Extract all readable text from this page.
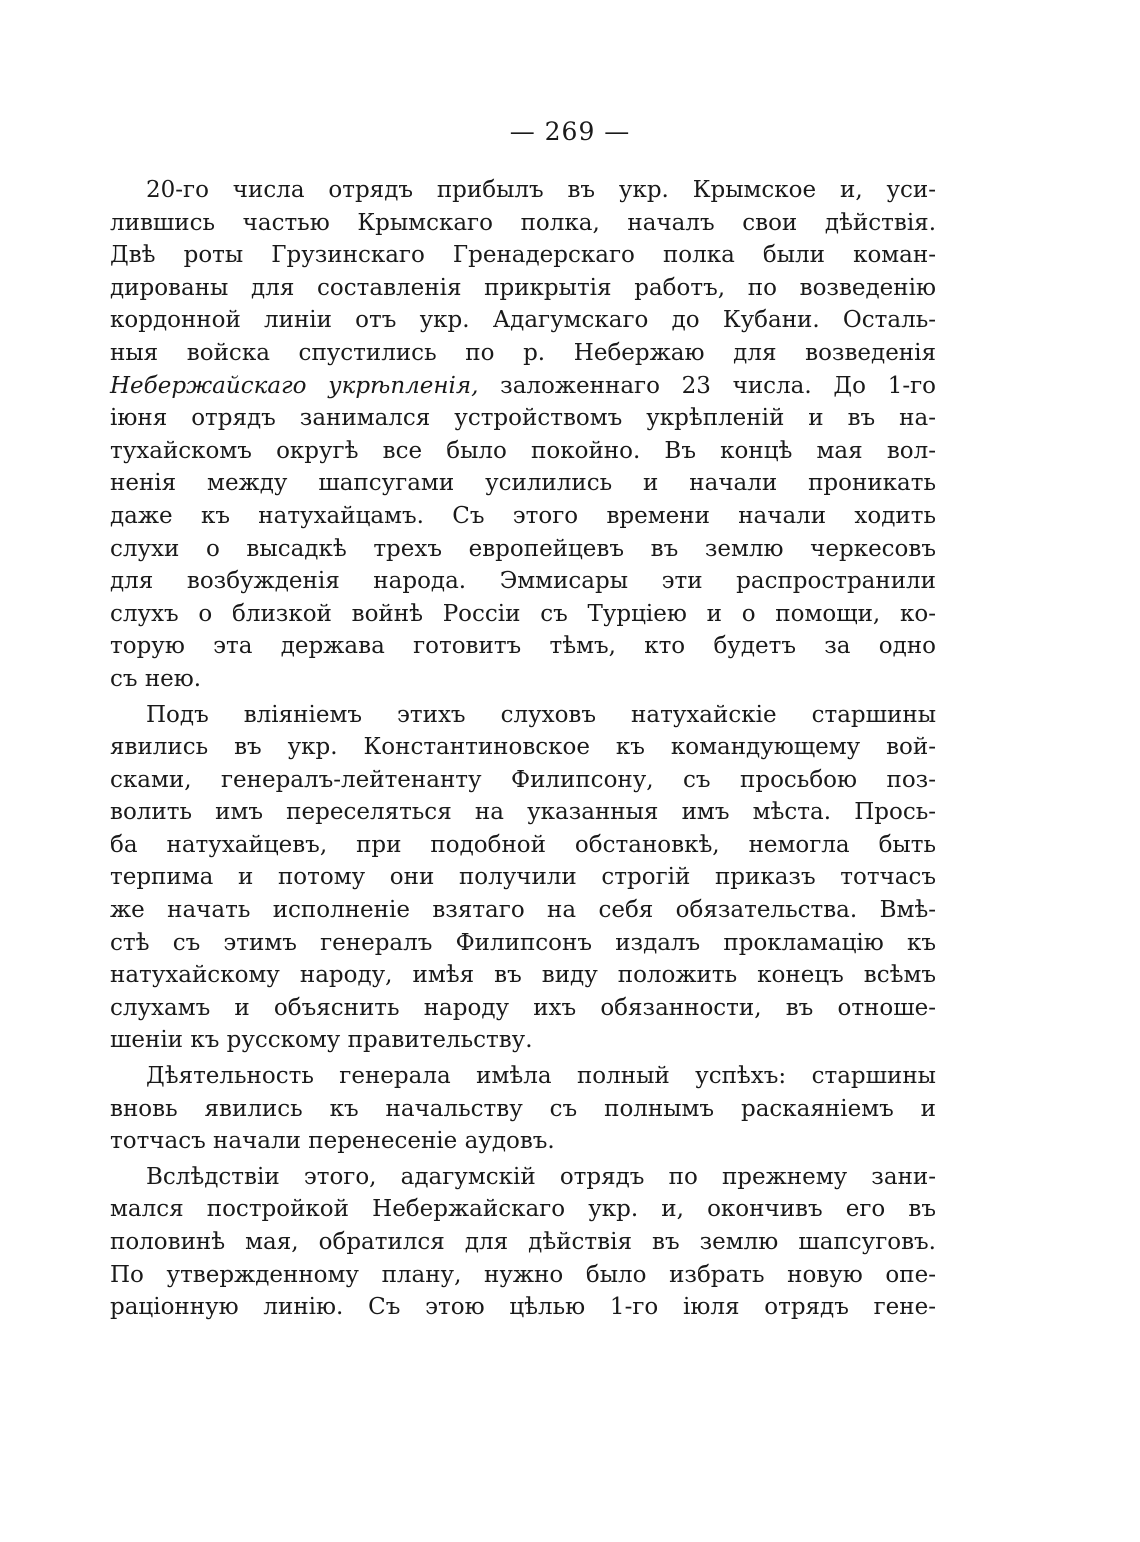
— 269 —
20-го числа отрядъ прибылъ въ укр. Крымское и, уси-
лившись частью Крымскаго полка, началъ свои дѣйствія.
Двѣ роты Грузинскаго Гренадерскаго полка были коман-
дированы для составленія прикрытія работъ, по возведенію
кордонной линіи отъ укр. Адагумскаго до Кубани. Осталь-
ныя войска спустились по р. Небержаю для возведенія
Небержайскаго укрѣпленія, заложеннаго 23 числа. До 1-го
іюня отрядъ занимался устройствомъ укрѣпленій и въ на-
тухайскомъ округѣ все было покойно. Въ концѣ мая вол-
ненія между шапсугами усилились и начали проникать
даже къ натухайцамъ. Съ этого времени начали ходить
слухи о высадкѣ трехъ европейцевъ въ землю черкесовъ
для возбужденія народа. Эммисары эти распространили
слухъ о близкой войнѣ Россіи съ Турціею и о помощи, ко-
торую эта держава готовитъ тѣмъ, кто будетъ за одно
съ нею.
Подъ вліяніемъ этихъ слуховъ натухайскіе старшины
явились въ укр. Константиновское къ командующему вой-
сками, генералъ-лейтенанту Филипсону, съ просьбою поз-
волить имъ переселяться на указанныя имъ мѣста. Прось-
ба натухайцевъ, при подобной обстановкѣ, немогла быть
терпима и потому они получили строгій приказъ тотчасъ
же начать исполненіе взятаго на себя обязательства. Вмѣ-
стѣ съ этимъ генералъ Филипсонъ издалъ прокламацію къ
натухайскому народу, имѣя въ виду положить конецъ всѣмъ
слухамъ и объяснить народу ихъ обязанности, въ отноше-
шеніи къ русскому правительству.
Дѣятельность генерала имѣла полный успѣхъ: старшины
вновь явились къ начальству съ полнымъ раскаяніемъ и
тотчасъ начали перенесеніе аудовъ.
Вслѣдствіи этого, адагумскій отрядъ по прежнему зани-
мался постройкой Небержайскаго укр. и, окончивъ его въ
половинѣ мая, обратился для дѣйствія въ землю шапсуговъ.
По утвержденному плану, нужно было избрать новую опе-
раціонную линію. Съ этою цѣлью 1-го іюля отрядъ гене-
